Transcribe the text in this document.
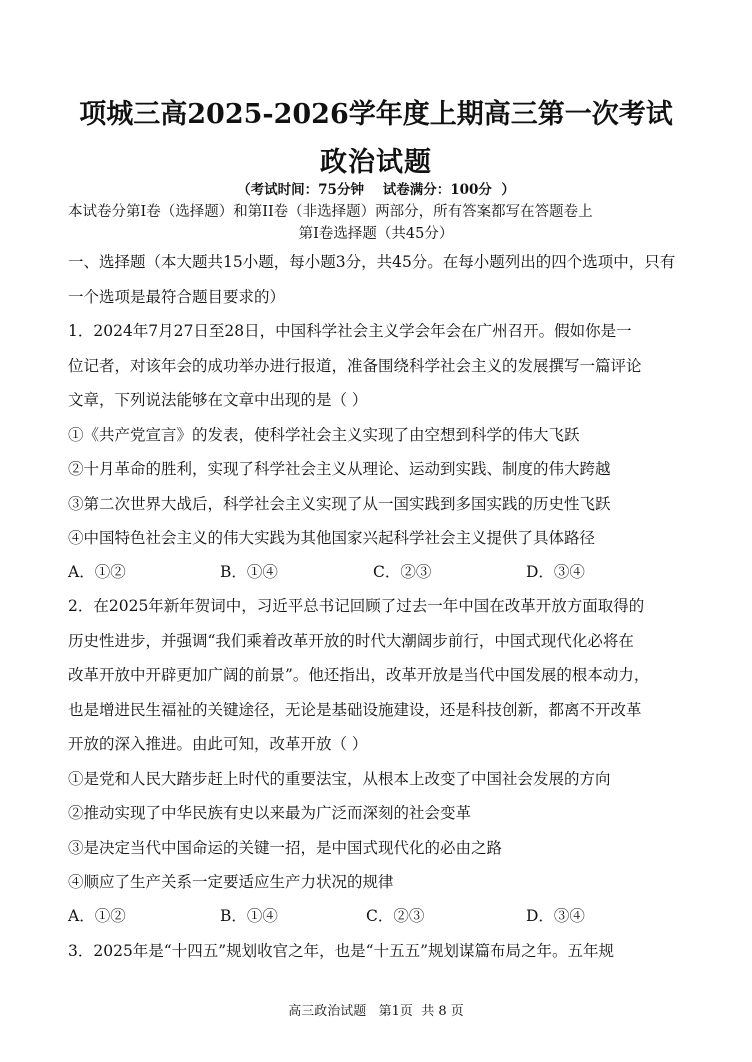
项城三高2025-2026学年度上期高三第一次考试
政治试题
（考试时间：75分钟    试卷满分：100分  ）
本试卷分第I卷（选择题）和第II卷（非选择题）两部分，所有答案都写在答题卷上
第I卷选择题（共45分）
一、选择题（本大题共15小题，每小题3分，共45分。在每小题列出的四个选项中，只有
一个选项是最符合题目要求的）
1．2024年7月27日至28日，中国科学社会主义学会年会在广州召开。假如你是一
位记者，对该年会的成功举办进行报道，准备围绕科学社会主义的发展撰写一篇评论
文章，下列说法能够在文章中出现的是（ ）
①《共产党宣言》的发表，使科学社会主义实现了由空想到科学的伟大飞跃
②十月革命的胜利，实现了科学社会主义从理论、运动到实践、制度的伟大跨越
③第二次世界大战后，科学社会主义实现了从一国实践到多国实践的历史性飞跃
④中国特色社会主义的伟大实践为其他国家兴起科学社会主义提供了具体路径
A．①②	B．①④	C．②③	D．③④
2．在2025年新年贺词中，习近平总书记回顾了过去一年中国在改革开放方面取得的
历史性进步，并强调“我们乘着改革开放的时代大潮阔步前行，中国式现代化必将在
改革开放中开辟更加广阔的前景”。他还指出，改革开放是当代中国发展的根本动力，
也是增进民生福祉的关键途径，无论是基础设施建设，还是科技创新，都离不开改革
开放的深入推进。由此可知，改革开放（ ）
①是党和人民大踏步赶上时代的重要法宝，从根本上改变了中国社会发展的方向
②推动实现了中华民族有史以来最为广泛而深刻的社会变革
③是决定当代中国命运的关键一招，是中国式现代化的必由之路
④顺应了生产关系一定要适应生产力状况的规律
A．①②	B．①④	C．②③	D．③④
3．2025年是“十四五”规划收官之年，也是“十五五”规划谋篇布局之年。五年规
高三政治试题   第1页  共 8 页
